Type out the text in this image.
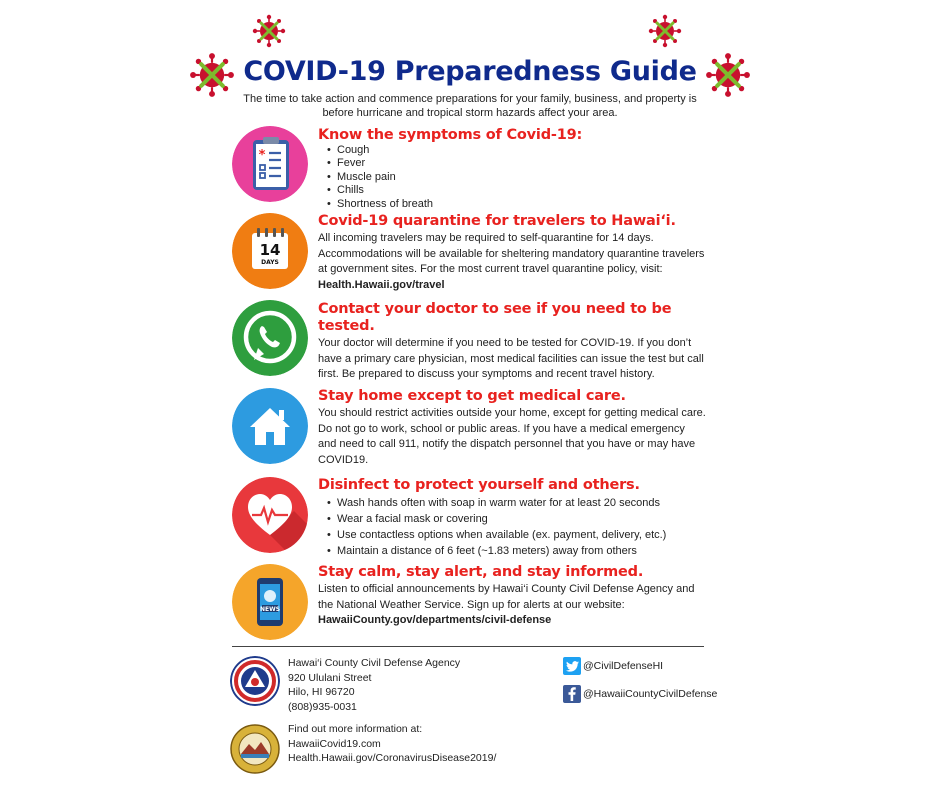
COVID-19 Preparedness Guide
The time to take action and commence preparations for your family, business, and property is before hurricane and tropical storm hazards affect your area.
*
Know the symptoms of Covid-19:
• Cough
• Fever
• Muscle pain
• Chills
• Shortness of breath
14
DAYS
Covid-19 quarantine for travelers to Hawai‘i.

All incoming travelers may be required to self-quarantine for 14 days. Accommodations will be available for sheltering mandatory quarantine travelers at government sites. For the most current travel quarantine policy, visit: Health.Hawaii.gov/travel

Contact your doctor to see if you need to be tested.

Your doctor will determine if you need to be tested for COVID-19. If you don’t have a primary care physician, most medical facilities can issue the test but call first. Be prepared to discuss your symptoms and recent travel history.

Stay home except to get medical care.

You should restrict activities outside your home, except for getting medical care. Do not go to work, school or public areas. If you have a medical emergency and need to call 911, notify the dispatch personnel that you have or may have COVID19.

Disinfect to protect yourself and others.
• Wash hands often with soap in warm water for at least 20 seconds
• Wear a facial mask or covering
• Use contactless options when available (ex. payment, delivery, etc.)
• Maintain a distance of 6 feet (~1.83 meters) away from others
NEWS
Stay calm, stay alert, and stay informed.

Listen to official announcements by Hawai‘i County Civil Defense Agency and the National Weather Service. Sign up for alerts at our website:
HawaiiCounty.gov/departments/civil-defense

Hawai‘i County Civil Defense Agency
920 Ululani Street
Hilo, HI 96720
(808)935-0031
Find out more information at:
HawaiiCovid19.com
Health.Hawaii.gov/CoronavirusDisease2019/
@CivilDefenseHI
@HawaiiCountyCivilDefense
